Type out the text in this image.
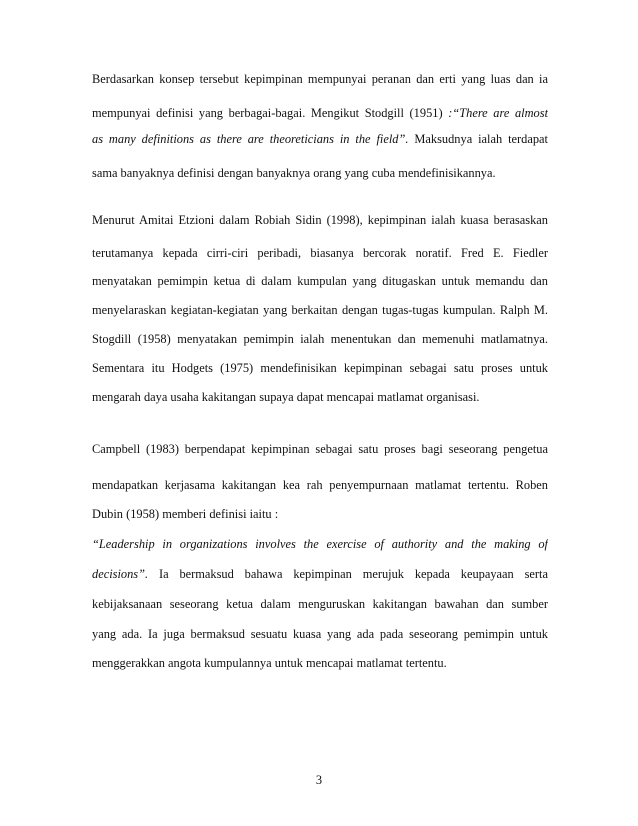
Berdasarkan konsep tersebut kepimpinan mempunyai peranan dan erti yang luas dan ia
mempunyai definisi yang berbagai-bagai. Mengikut Stodgill (1951) :“There are almost
as many definitions as there are theoreticians in the field”. Maksudnya ialah terdapat
sama banyaknya definisi dengan banyaknya orang yang cuba mendefinisikannya.
Menurut Amitai Etzioni dalam Robiah Sidin (1998), kepimpinan ialah kuasa berasaskan
terutamanya kepada cirri-ciri peribadi, biasanya bercorak noratif. Fred E. Fiedler
menyatakan pemimpin ketua di dalam kumpulan yang ditugaskan untuk memandu dan
menyelaraskan kegiatan-kegiatan yang berkaitan dengan tugas-tugas kumpulan. Ralph M.
Stogdill (1958) menyatakan pemimpin ialah menentukan dan memenuhi matlamatnya.
Sementara itu Hodgets (1975) mendefinisikan kepimpinan sebagai satu proses untuk
mengarah daya usaha kakitangan supaya dapat mencapai matlamat organisasi.
Campbell (1983) berpendapat kepimpinan sebagai satu proses bagi seseorang pengetua
mendapatkan kerjasama kakitangan kea rah penyempurnaan matlamat tertentu. Roben
Dubin (1958) memberi definisi iaitu :
“Leadership in organizations involves the exercise of authority and the making of
decisions”. Ia bermaksud bahawa kepimpinan merujuk kepada keupayaan serta
kebijaksanaan seseorang ketua dalam menguruskan kakitangan bawahan dan sumber
yang ada. Ia juga bermaksud sesuatu kuasa yang ada pada seseorang pemimpin untuk
menggerakkan angota kumpulannya untuk mencapai matlamat tertentu.
3
